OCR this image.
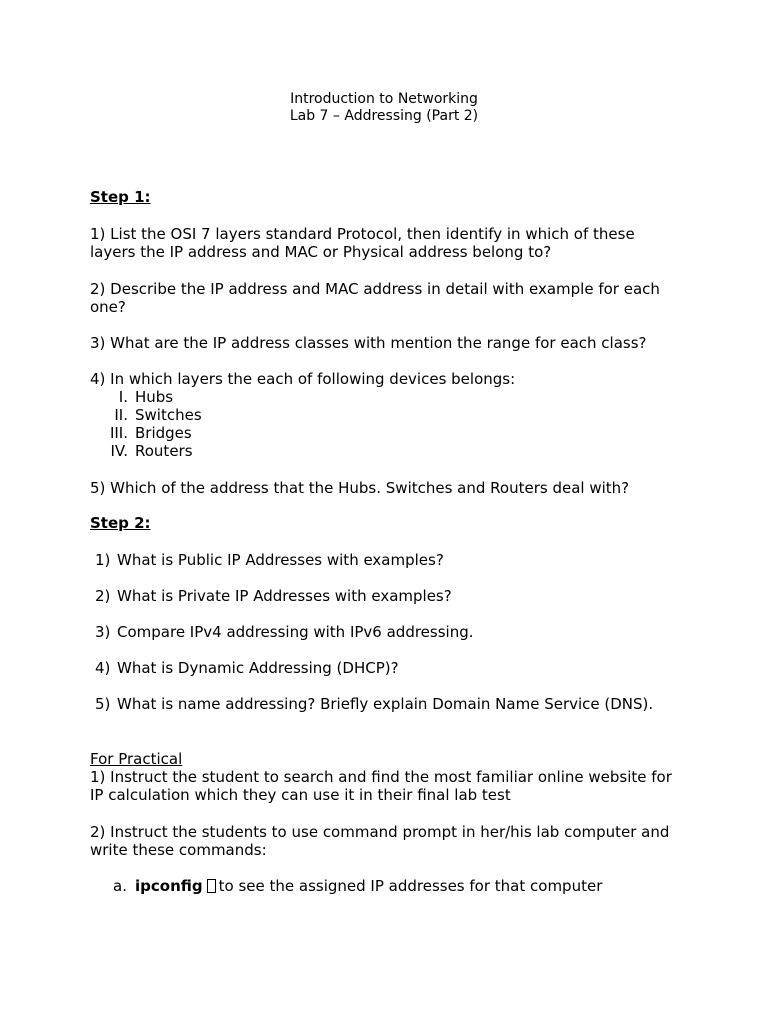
Introduction to Networking
Lab 7 – Addressing (Part 2)
Step 1:
1) List the OSI 7 layers standard Protocol, then identify in which of these layers the IP address and MAC or Physical address belong to?
2) Describe the IP address and MAC address in detail with example for each one?
3) What are the IP address classes with mention the range for each class?
4) In which layers the each of following devices belongs:
I. Hubs
II. Switches
III. Bridges
IV. Routers
5) Which of the address that the Hubs. Switches and Routers deal with?
Step 2:
1) What is Public IP Addresses with examples?
2) What is Private IP Addresses with examples?
3) Compare IPv4 addressing with IPv6 addressing.
4) What is Dynamic Addressing (DHCP)?
5) What is name addressing? Briefly explain Domain Name Service (DNS).
For Practical
1) Instruct the student to search and find the most familiar online website for IP calculation which they can use it in their final lab test
2) Instruct the students to use command prompt in her/his lab computer and write these commands:
a. ipconfig to see the assigned IP addresses for that computer
